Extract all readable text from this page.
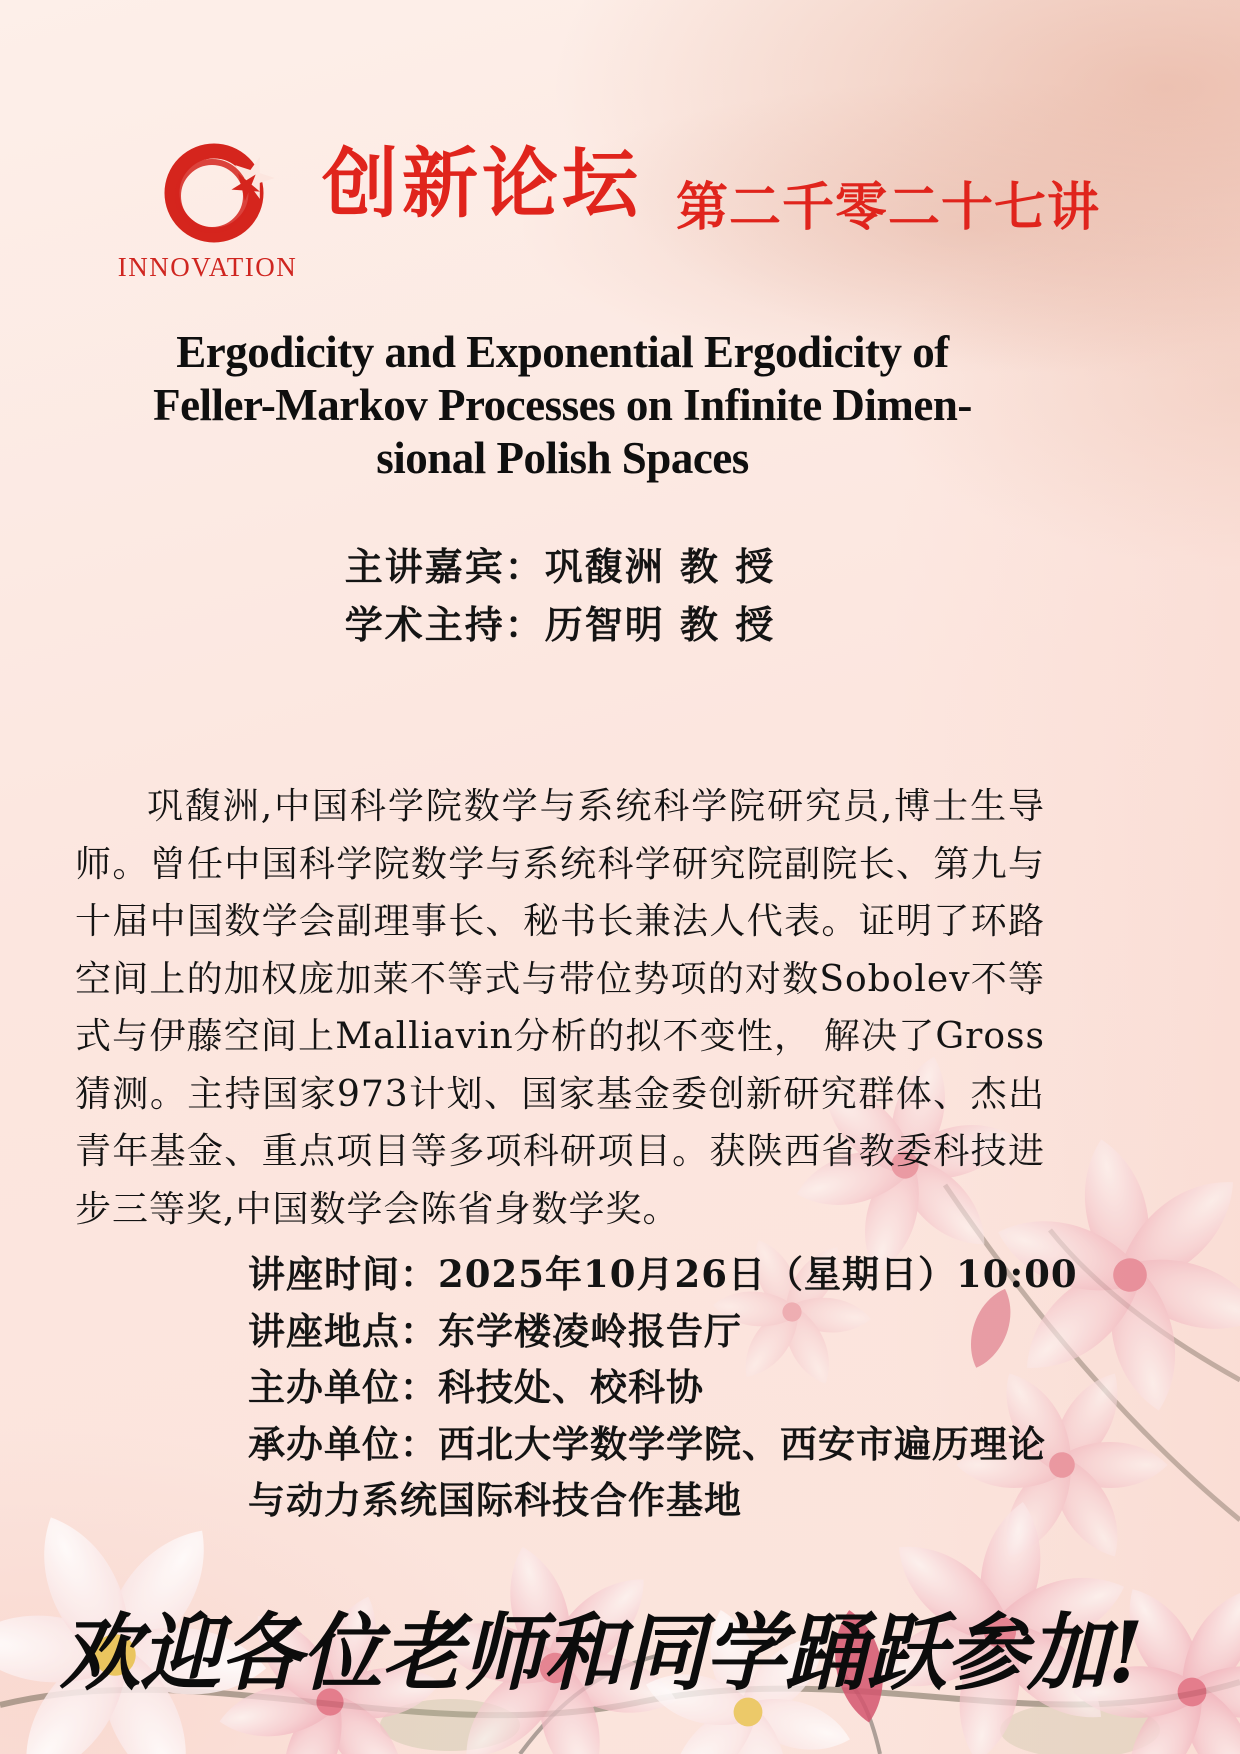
INNOVATION
创新论坛 第二千零二十七讲
Ergodicity and Exponential Ergodicity of
Feller-Markov Processes on Infinite Dimen-
sional Polish Spaces
主讲嘉宾：巩馥洲 教 授
学术主持：历智明 教 授

巩馥洲,中国科学院数学与系统科学院研究员,博士生导师。曾任中国科学院数学与系统科学研究院副院长、第九与十届中国数学会副理事长、秘书长兼法人代表。证明了环路空间上的加权庞加莱不等式与带位势项的对数Sobolev不等式与伊藤空间上Malliavin分析的拟不变性， 解决了Gross猜测。主持国家973计划、国家基金委创新研究群体、杰出青年基金、重点项目等多项科研项目。获陕西省教委科技进步三等奖,中国数学会陈省身数学奖。

讲座时间：2025年10月26日（星期日）10:00
讲座地点：东学楼凌岭报告厅
主办单位：科技处、校科协
承办单位：西北大学数学学院、西安市遍历理论
与动力系统国际科技合作基地
欢迎各位老师和同学踊跃参加!
